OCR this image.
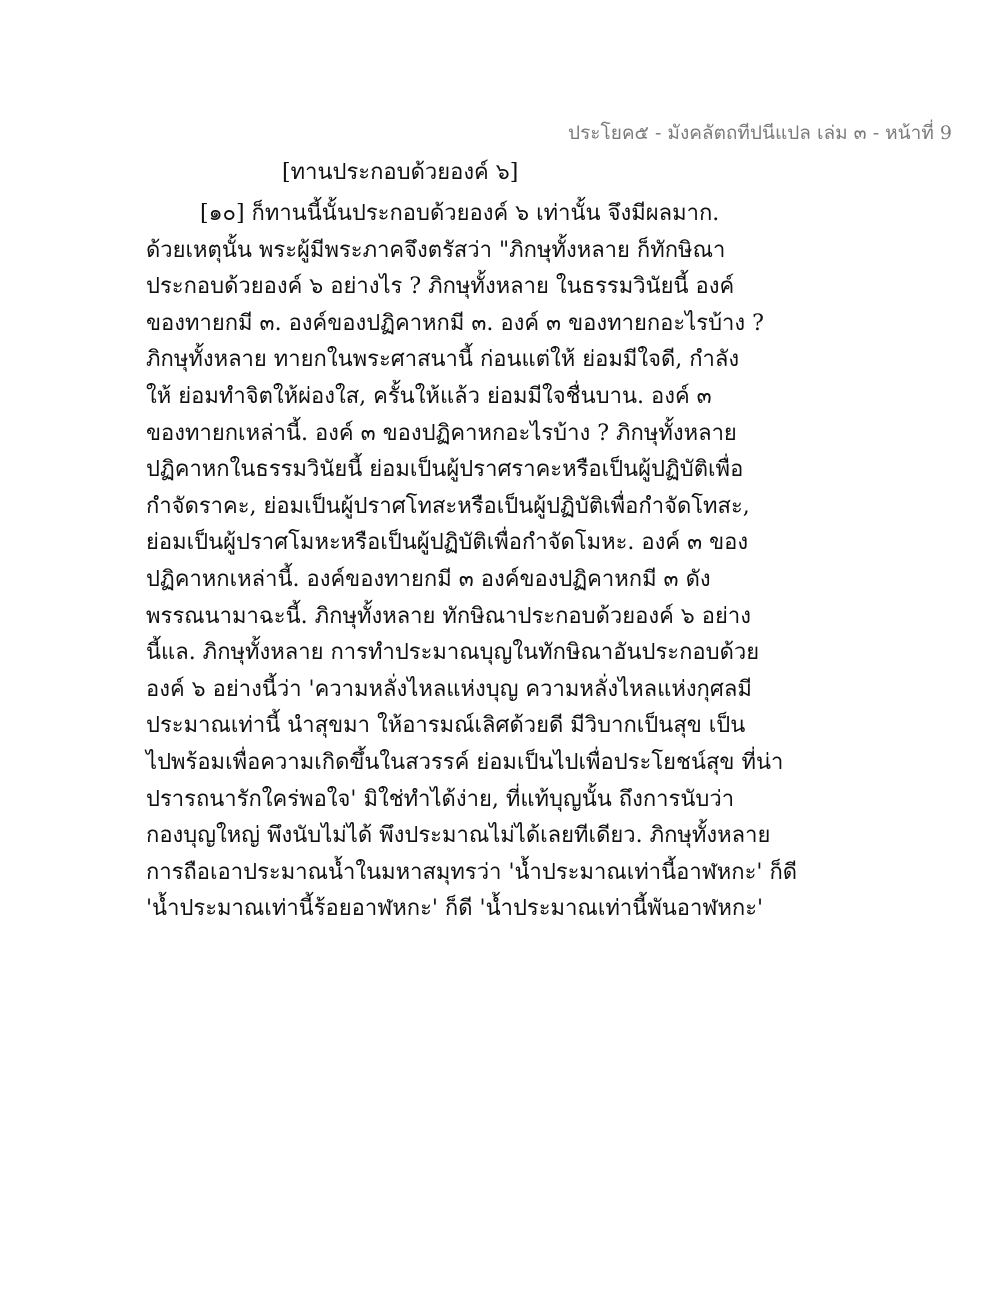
ประโยค๕ - มังคลัตถทีปนีแปล เล่ม ๓ - หน้าที่ 9
[ทานประกอบด้วยองค์ ๖]
[๑๐] ก็ทานนี้นั้นประกอบด้วยองค์ ๖ เท่านั้น จึงมีผลมาก.
ด้วยเหตุนั้น พระผู้มีพระภาคจึงตรัสว่า "ภิกษุทั้งหลาย ก็ทักษิณา
ประกอบด้วยองค์ ๖ อย่างไร ? ภิกษุทั้งหลาย ในธรรมวินัยนี้ องค์
ของทายกมี ๓. องค์ของปฏิคาหกมี ๓. องค์ ๓ ของทายกอะไรบ้าง ?
ภิกษุทั้งหลาย ทายกในพระศาสนานี้ ก่อนแต่ให้ ย่อมมีใจดี, กำลัง
ให้ ย่อมทำจิตให้ผ่องใส, ครั้นให้แล้ว ย่อมมีใจชื่นบาน. องค์ ๓
ของทายกเหล่านี้. องค์ ๓ ของปฏิคาหกอะไรบ้าง ? ภิกษุทั้งหลาย
ปฏิคาหกในธรรมวินัยนี้ ย่อมเป็นผู้ปราศราคะหรือเป็นผู้ปฏิบัติเพื่อ
กำจัดราคะ, ย่อมเป็นผู้ปราศโทสะหรือเป็นผู้ปฏิบัติเพื่อกำจัดโทสะ,
ย่อมเป็นผู้ปราศโมหะหรือเป็นผู้ปฏิบัติเพื่อกำจัดโมหะ. องค์ ๓ ของ
ปฏิคาหกเหล่านี้. องค์ของทายกมี ๓ องค์ของปฏิคาหกมี ๓ ดัง
พรรณนามาฉะนี้. ภิกษุทั้งหลาย ทักษิณาประกอบด้วยองค์ ๖ อย่าง
นี้แล. ภิกษุทั้งหลาย การทำประมาณบุญในทักษิณาอันประกอบด้วย
องค์ ๖ อย่างนี้ว่า 'ความหลั่งไหลแห่งบุญ ความหลั่งไหลแห่งกุศลมี
ประมาณเท่านี้ นำสุขมา ให้อารมณ์เลิศด้วยดี มีวิบากเป็นสุข เป็น
ไปพร้อมเพื่อความเกิดขึ้นในสวรรค์ ย่อมเป็นไปเพื่อประโยชน์สุข ที่น่า
ปรารถนารักใคร่พอใจ' มิใช่ทำได้ง่าย, ที่แท้บุญนั้น ถึงการนับว่า
กองบุญใหญ่ พึงนับไม่ได้ พึงประมาณไม่ได้เลยทีเดียว. ภิกษุทั้งหลาย
การถือเอาประมาณน้ำในมหาสมุทรว่า 'น้ำประมาณเท่านี้อาฬหกะ' ก็ดี
'น้ำประมาณเท่านี้ร้อยอาฬหกะ' ก็ดี 'น้ำประมาณเท่านี้พันอาฬหกะ'
